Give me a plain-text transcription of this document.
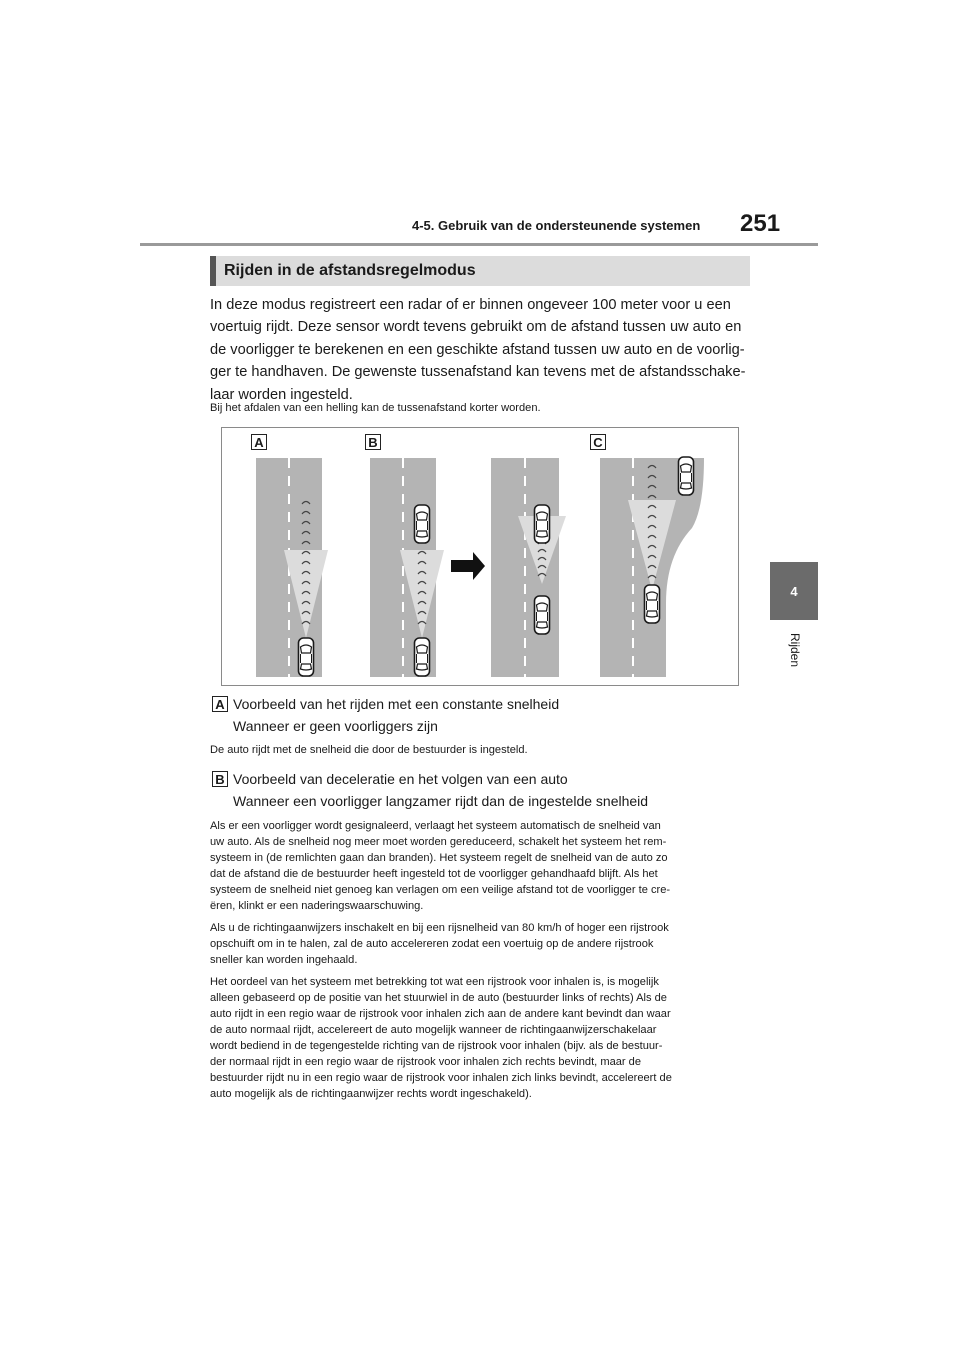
4-5. Gebruik van de ondersteunende systemen 251
4
Rijden
Rijden in de afstandsregelmodus
In deze modus registreert een radar of er binnen ongeveer 100 meter voor u een
voertuig rijdt. Deze sensor wordt tevens gebruikt om de afstand tussen uw auto en
de voorligger te berekenen en een geschikte afstand tussen uw auto en de voorlig-
ger te handhaven. De gewenste tussenafstand kan tevens met de afstandsschake-
laar worden ingesteld.
Bij het afdalen van een helling kan de tussenafstand korter worden.
A	B	C
A Voorbeeld van het rijden met een constante snelheid
Wanneer er geen voorliggers zijn
De auto rijdt met de snelheid die door de bestuurder is ingesteld.
B Voorbeeld van deceleratie en het volgen van een auto
Wanneer een voorligger langzamer rijdt dan de ingestelde snelheid
Als er een voorligger wordt gesignaleerd, verlaagt het systeem automatisch de snelheid van
uw auto. Als de snelheid nog meer moet worden gereduceerd, schakelt het systeem het rem-
systeem in (de remlichten gaan dan branden). Het systeem regelt de snelheid van de auto zo
dat de afstand die de bestuurder heeft ingesteld tot de voorligger gehandhaafd blijft. Als het
systeem de snelheid niet genoeg kan verlagen om een veilige afstand tot de voorligger te cre-
ëren, klinkt er een naderingswaarschuwing.
Als u de richtingaanwijzers inschakelt en bij een rijsnelheid van 80 km/h of hoger een rijstrook
opschuift om in te halen, zal de auto accelereren zodat een voertuig op de andere rijstrook
sneller kan worden ingehaald.
Het oordeel van het systeem met betrekking tot wat een rijstrook voor inhalen is, is mogelijk
alleen gebaseerd op de positie van het stuurwiel in de auto (bestuurder links of rechts) Als de
auto rijdt in een regio waar de rijstrook voor inhalen zich aan de andere kant bevindt dan waar
de auto normaal rijdt, accelereert de auto mogelijk wanneer de richtingaanwijzerschakelaar
wordt bediend in de tegengestelde richting van de rijstrook voor inhalen (bijv. als de bestuur-
der normaal rijdt in een regio waar de rijstrook voor inhalen zich rechts bevindt, maar de
bestuurder rijdt nu in een regio waar de rijstrook voor inhalen zich links bevindt, accelereert de
auto mogelijk als de richtingaanwijzer rechts wordt ingeschakeld).
